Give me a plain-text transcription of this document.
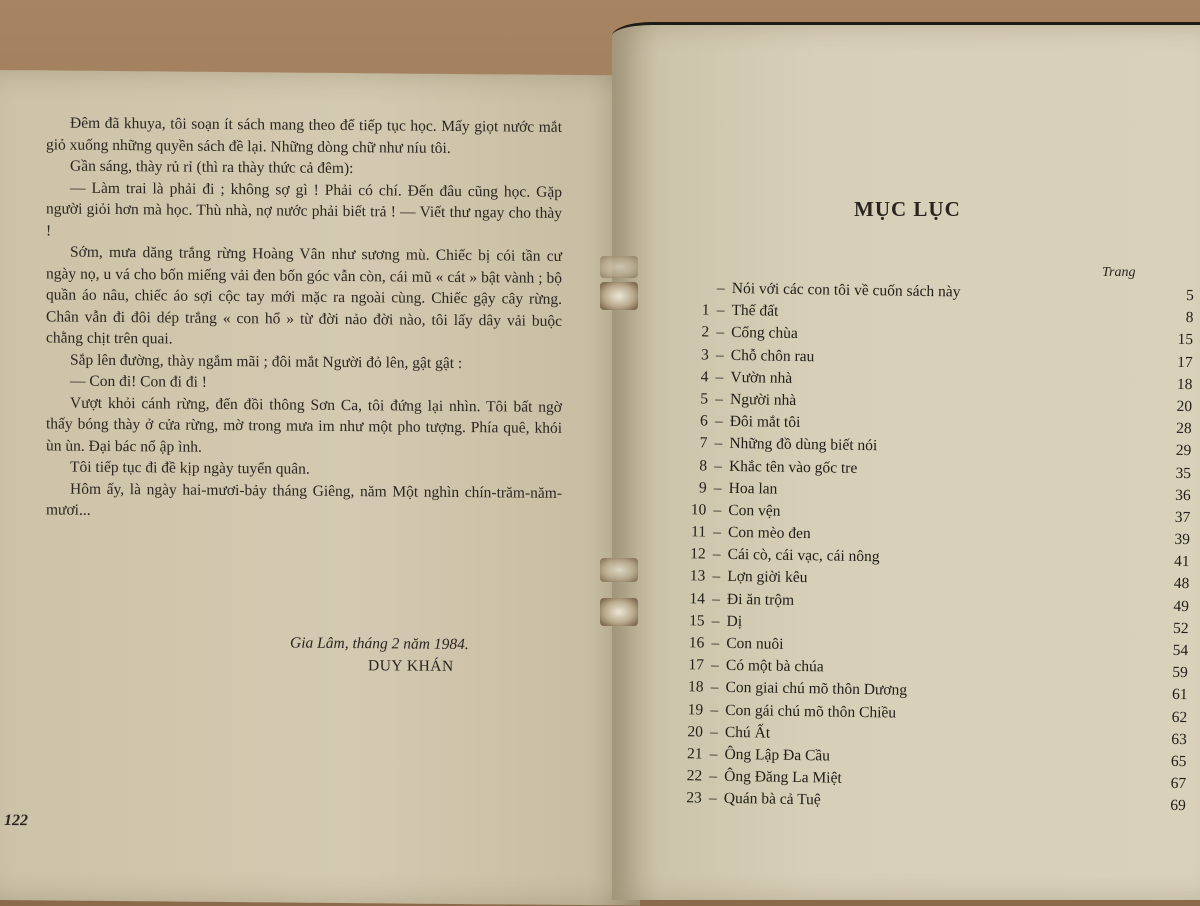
Đêm đã khuya, tôi soạn ít sách mang theo để tiếp tục học. Mấy giọt nước mắt giỏ xuống những quyền sách đề lại. Những dòng chữ như níu tôi.

Gần sáng, thày rủ rỉ (thì ra thày thức cả đêm):

— Làm trai là phải đi ; không sợ gì ! Phải có chí. Đến đâu cũng học. Gặp người giỏi hơn mà học. Thù nhà, nợ nước phải biết trả ! — Viết thư ngay cho thày !

Sớm, mưa dăng trắng rừng Hoàng Vân như sương mù. Chiếc bị cói tần cư ngày nọ, u vá cho bốn miếng vải đen bốn góc vẫn còn, cái mũ « cát » bật vành ; bộ quần áo nâu, chiếc áo sợi cộc tay mới mặc ra ngoài cùng. Chiếc gậy cây rừng. Chân vẫn đi đôi dép trắng « con hổ » từ đời nảo đời nào, tôi lấy dây vải buộc chằng chịt trên quai.

Sắp lên đường, thày ngắm mãi ; đôi mắt Người đỏ lên, gật gật :

— Con đi! Con đi đi !

Vượt khỏi cánh rừng, đến đồi thông Sơn Ca, tôi đứng lại nhìn. Tôi bất ngờ thấy bóng thày ở cửa rừng, mờ trong mưa im như một pho tượng. Phía quê, khói ùn ùn. Đại bác nổ ập ình.

Tôi tiếp tục đi đề kịp ngày tuyển quân.

Hôm ấy, là ngày hai-mươi-bảy tháng Giêng, năm Một nghìn chín-trăm-năm-mươi...

Gia Lâm, tháng 2 năm 1984.
DUY KHÁN
122
MỤC LỤC
Trang
– Nói với các con tôi về cuốn sách này	5
1 – Thế đất	8
2 – Cổng chùa	15
3 – Chỗ chôn rau	17
4 – Vườn nhà	18
5 – Người nhà	20
6 – Đôi mắt tôi	28
7 – Những đồ dùng biết nói	29
8 – Khắc tên vào gốc tre	35
9 – Hoa lan	36
10 – Con vện	37
11 – Con mèo đen	39
12 – Cái cò, cái vạc, cái nông	41
13 – Lợn giời kêu	48
14 – Đi ăn trộm	49
15 – Dị	52
16 – Con nuôi	54
17 – Có một bà chúa	59
18 – Con giai chú mõ thôn Dương	61
19 – Con gái chú mõ thôn Chiều	62
20 – Chú Ất	63
21 – Ông Lập Đa Cầu	65
22 – Ông Đăng La Miệt	67
23 – Quán bà cả Tuệ	69
